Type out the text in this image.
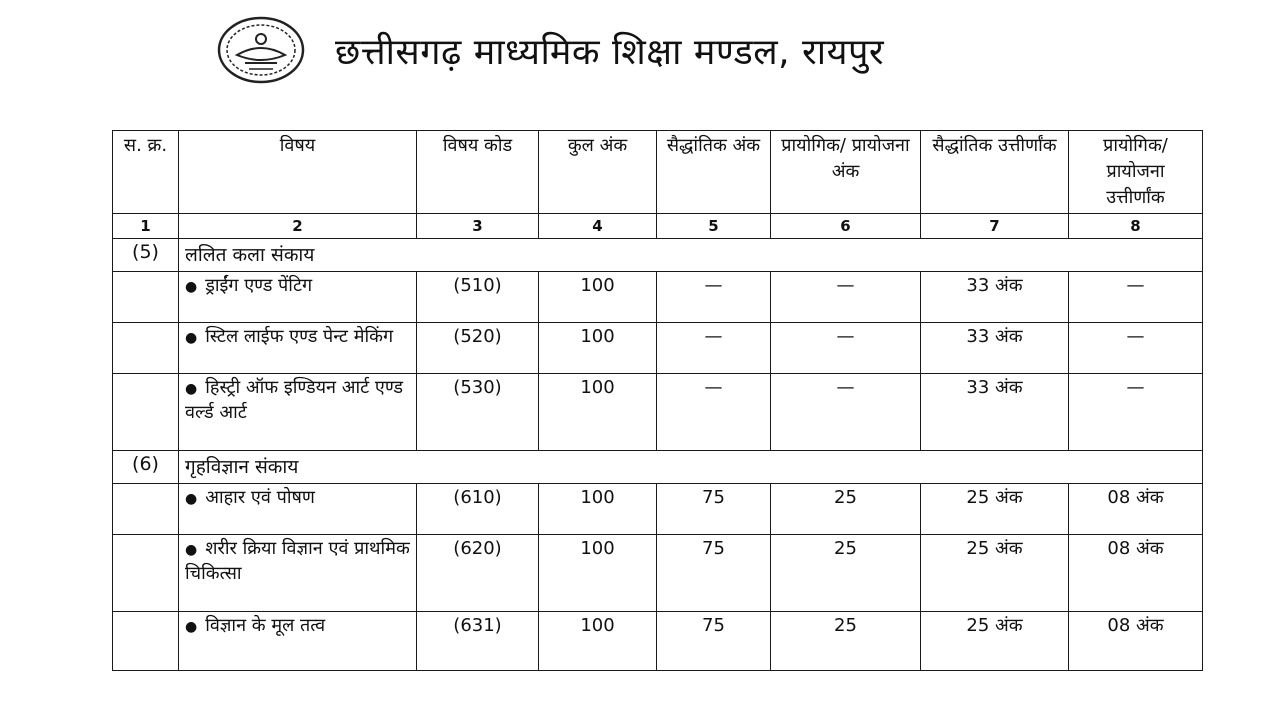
छत्तीसगढ़ माध्यमिक शिक्षा मण्डल, रायपुर
स. क्र.	विषय	विषय कोड	कुल अंक	सैद्धांतिक अंक	प्रायोगिक/ प्रायोजना अंक	सैद्धांतिक उत्तीर्णांक	प्रायोगिक/ प्रायोजना उत्तीर्णांक
1	2	3	4	5	6	7	8
(5)	ललित कला संकाय						
	● ड्राईंग एण्ड पेंटिग	(510)	100	—	—	33 अंक	—
	● स्टिल लाईफ एण्ड पेन्ट मेकिंग	(520)	100	—	—	33 अंक	—
	● हिस्ट्री ऑफ इण्डियन आर्ट एण्ड वर्ल्ड आर्ट	(530)	100	—	—	33 अंक	—
(6)	गृहविज्ञान संकाय						
	● आहार एवं पोषण	(610)	100	75	25	25 अंक	08 अंक
	● शरीर क्रिया विज्ञान एवं प्राथमिक चिकित्सा	(620)	100	75	25	25 अंक	08 अंक
	● विज्ञान के मूल तत्व	(631)	100	75	25	25 अंक	08 अंक
